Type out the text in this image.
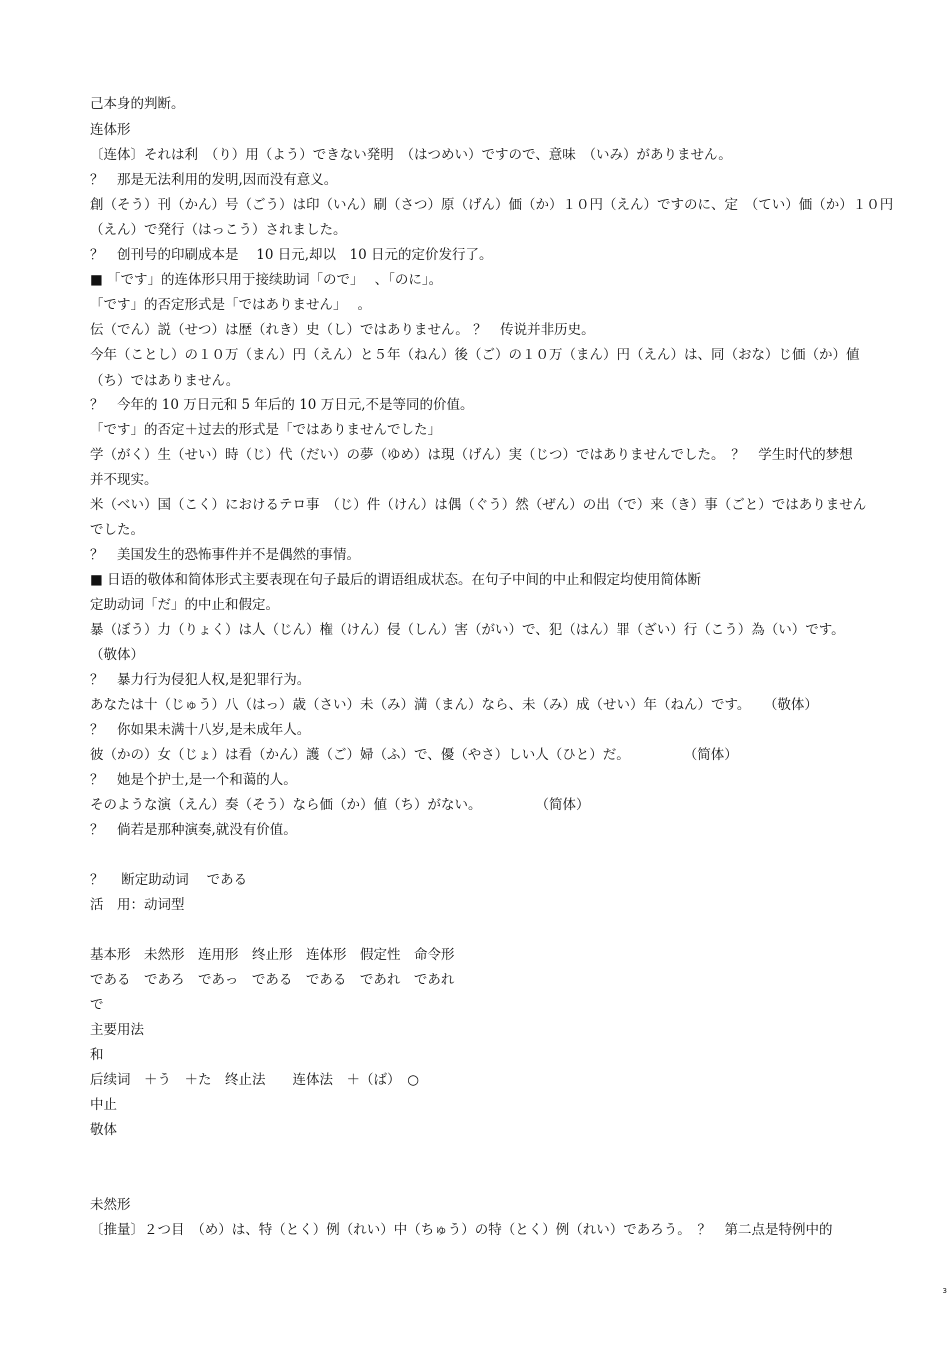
己本身的判断。
连体形
〔连体〕それは利　（り）用（よう）できない発明　（はつめい）ですので、意味　（いみ）がありません。
？　那是无法利用的发明,因而没有意义。
創（そう）刊（かん）号（ごう）は印（いん）刷（さつ）原（げん）価（か）１０円（えん）ですのに、定　（てい）価（か）１０円
（えん）で発行（はっこう）されました。
？　创刊号的印刷成本是　 10 日元,却以　10 日元的定价发行了。
■ 「です」的连体形只用于接续助词「ので」　 、「のに」。
「です」的否定形式是「ではありません」　 。
伝（でん）説（せつ）は歴（れき）史（し）ではありません。 ？　传说并非历史。
今年（ことし）の１０万（まん）円（えん）と５年（ねん）後（ご）の１０万（まん）円（えん）は、同（おな）じ価（か）値
（ち）ではありません。
？　今年的 10 万日元和 5 年后的 10 万日元,不是等同的价值。
「です」的否定＋过去的形式是「ではありませんでした」
学（がく）生（せい）時（じ）代（だい）の夢（ゆめ）は現（げん）実（じつ）ではありませんでした。　？　学生时代的梦想
并不现实。
米（べい）国（こく）におけるテロ事　（じ）件（けん）は偶（ぐう）然（ぜん）の出（で）来（き）事（ごと）ではありません
でした。
？　美国发生的恐怖事件并不是偶然的事情。
■ 日语的敬体和简体形式主要表现在句子最后的谓语组成状态。在句子中间的中止和假定均使用简体断
定助动词「だ」的中止和假定。
暴（ぼう）力（りょく）は人（じん）権（けん）侵（しん）害（がい）で、犯（はん）罪（ざい）行（こう）為（い）です。
（敬体）
？　暴力行为侵犯人权,是犯罪行为。
あなたは十（じゅう）八（はっ）歳（さい）未（み）満（まん）なら、未（み）成（せい）年（ねん）です。　　（敬体）
？　你如果未满十八岁,是未成年人。
彼（かの）女（じょ）は看（かん）護（ご）婦（ふ）で、優（やさ）しい人（ひと）だ。　　　　　（简体）
？　她是个护士,是一个和蔼的人。
そのような演（えん）奏（そう）なら価（か）値（ち）がない。　　　　　（简体）
？　倘若是那种演奏,就没有价值。
？　 断定助动词　 である
活　用：动词型
基本形　未然形　连用形　终止形　连体形　假定性　命令形
である　であろ　であっ　である　である　であれ　であれ
で
主要用法
和
后续词　＋う　＋た　终止法　　连体法　＋（ば）　○
中止
敬体
未然形
〔推量〕２つ目　（め）は、特（とく）例（れい）中（ちゅう）の特（とく）例（れい）であろう。　？　第二点是特例中的
3
